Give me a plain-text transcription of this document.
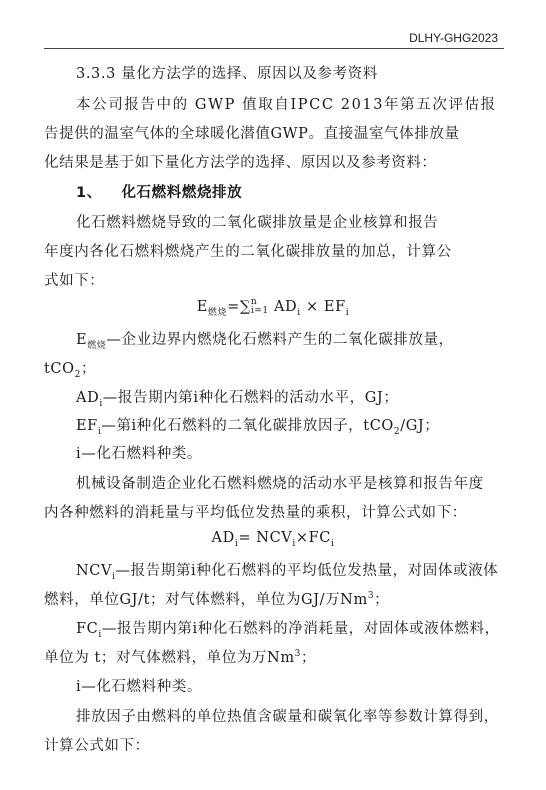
DLHY-GHG2023
3.3.3 量化方法学的选择、原因以及参考资料
本公司报告中的 GWP 值取自IPCC 2013年第五次评估报
告提供的温室气体的全球暖化潜值GWP。直接温室气体排放量
化结果是基于如下量化方法学的选择、原因以及参考资料：
1、 化石燃料燃烧排放
化石燃料燃烧导致的二氧化碳排放量是企业核算和报告
年度内各化石燃料燃烧产生的二氧化碳排放量的加总，计算公
式如下：
$E_{燃烧}=\sum$ n
i=1 $AD_i \times EF_i$
$E_{燃烧}—$企业边界内燃烧化石燃料产生的二氧化碳排放量，
tCO$_2$；
$AD_i—$报告期内第i种化石燃料的活动水平，GJ；
$EF_i—$第i种化石燃料的二氧化碳排放因子，tCO$_2$/GJ；
i—化石燃料种类。
机械设备制造企业化石燃料燃烧的活动水平是核算和报告年度
内各种燃料的消耗量与平均低位发热量的乘积，计算公式如下：
$AD_i= NCV_i\times FC_i$
$NCV_i—$报告期第i种化石燃料的平均低位发热量，对固体或液体
燃料，单位GJ/t；对气体燃料，单位为GJ/万Nm$^3$；
$FC_i—$报告期内第i种化石燃料的净消耗量，对固体或液体燃料，
单位为 t；对气体燃料，单位为万Nm$^3$；
i—化石燃料种类。
排放因子由燃料的单位热值含碳量和碳氧化率等参数计算得到，
计算公式如下：
